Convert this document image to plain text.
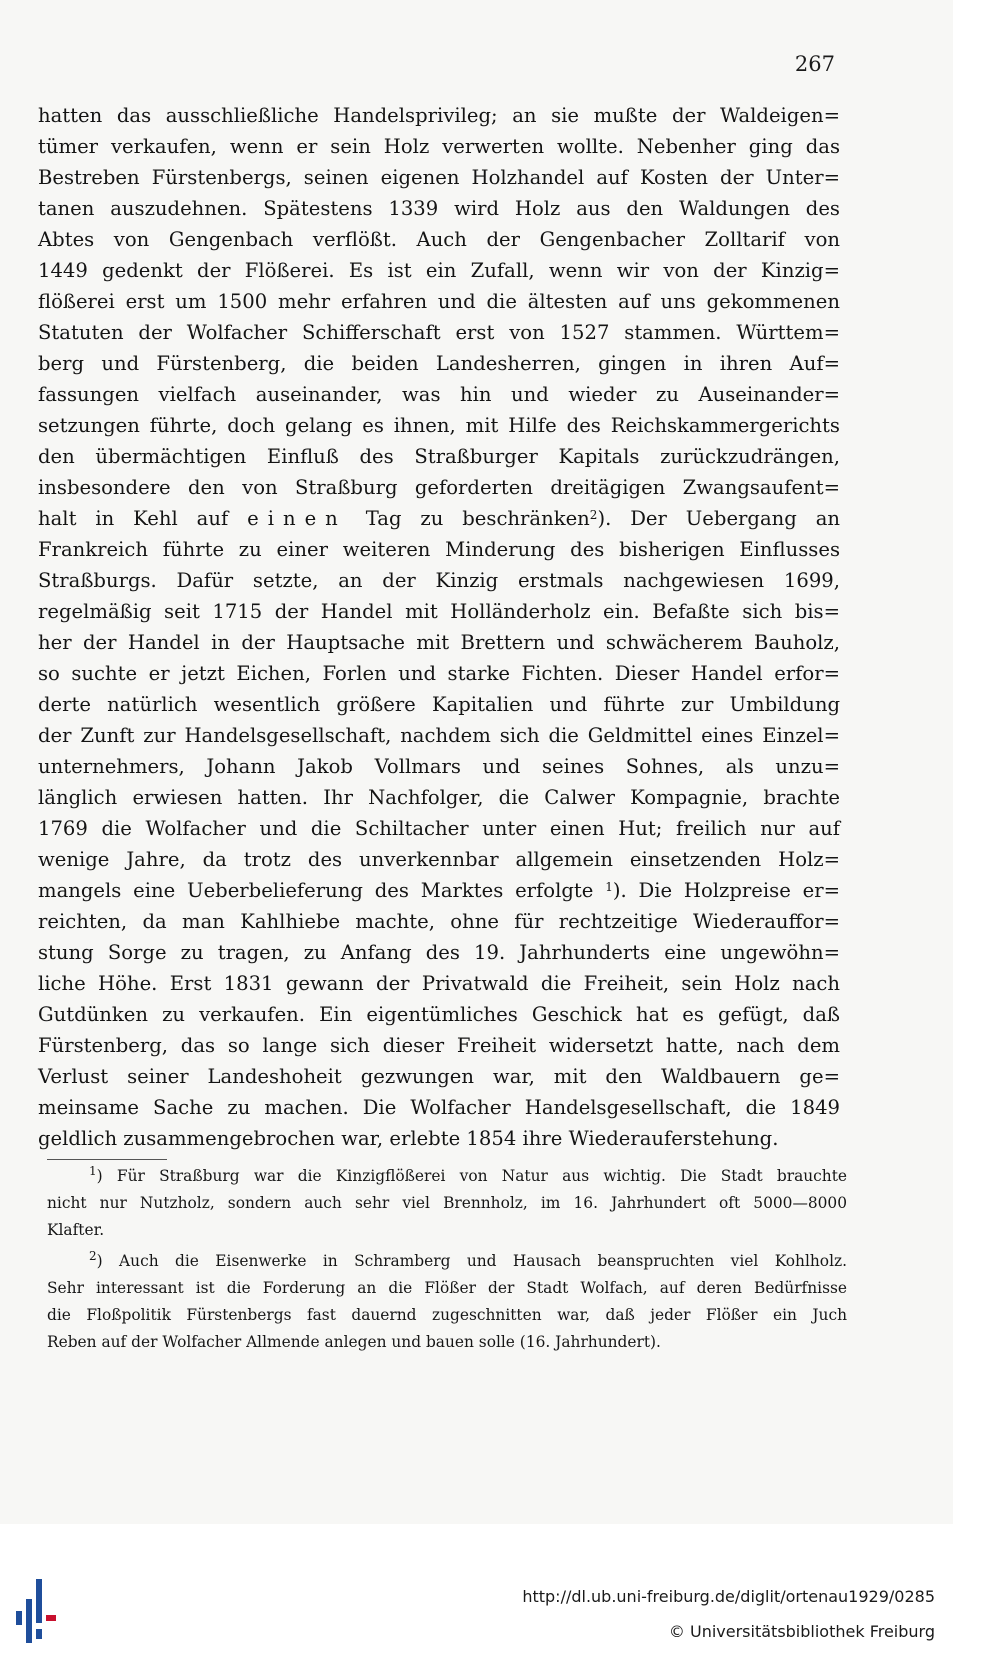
267
hatten das ausschließliche Handelsprivileg; an sie mußte der Waldeigen=
tümer verkaufen, wenn er sein Holz verwerten wollte. Nebenher ging das
Bestreben Fürstenbergs, seinen eigenen Holzhandel auf Kosten der Unter=
tanen auszudehnen. Spätestens 1339 wird Holz aus den Waldungen des
Abtes von Gengenbach verflößt. Auch der Gengenbacher Zolltarif von
1449 gedenkt der Flößerei. Es ist ein Zufall, wenn wir von der Kinzig=
flößerei erst um 1500 mehr erfahren und die ältesten auf uns gekommenen
Statuten der Wolfacher Schifferschaft erst von 1527 stammen. Württem=
berg und Fürstenberg, die beiden Landesherren, gingen in ihren Auf=
fassungen vielfach auseinander, was hin und wieder zu Auseinander=
setzungen führte, doch gelang es ihnen, mit Hilfe des Reichskammergerichts
den übermächtigen Einfluß des Straßburger Kapitals zurückzudrängen,
insbesondere den von Straßburg geforderten dreitägigen Zwangsaufent=
halt in Kehl auf einen Tag zu beschränken$^2$). Der Uebergang an
Frankreich führte zu einer weiteren Minderung des bisherigen Einflusses
Straßburgs. Dafür setzte, an der Kinzig erstmals nachgewiesen 1699,
regelmäßig seit 1715 der Handel mit Holländerholz ein. Befaßte sich bis=
her der Handel in der Hauptsache mit Brettern und schwächerem Bauholz,
so suchte er jetzt Eichen, Forlen und starke Fichten. Dieser Handel erfor=
derte natürlich wesentlich größere Kapitalien und führte zur Umbildung
der Zunft zur Handelsgesellschaft, nachdem sich die Geldmittel eines Einzel=
unternehmers, Johann Jakob Vollmars und seines Sohnes, als unzu=
länglich erwiesen hatten. Ihr Nachfolger, die Calwer Kompagnie, brachte
1769 die Wolfacher und die Schiltacher unter einen Hut; freilich nur auf
wenige Jahre, da trotz des unverkennbar allgemein einsetzenden Holz=
mangels eine Ueberbelieferung des Marktes erfolgte $^1$). Die Holzpreise er=
reichten, da man Kahlhiebe machte, ohne für rechtzeitige Wiederauffor=
stung Sorge zu tragen, zu Anfang des 19. Jahrhunderts eine ungewöhn=
liche Höhe. Erst 1831 gewann der Privatwald die Freiheit, sein Holz nach
Gutdünken zu verkaufen. Ein eigentümliches Geschick hat es gefügt, daß
Fürstenberg, das so lange sich dieser Freiheit widersetzt hatte, nach dem
Verlust seiner Landeshoheit gezwungen war, mit den Waldbauern ge=
meinsame Sache zu machen. Die Wolfacher Handelsgesellschaft, die 1849
geldlich zusammengebrochen war, erlebte 1854 ihre Wiederauferstehung.
$^1$) Für Straßburg war die Kinzigflößerei von Natur aus wichtig. Die Stadt brauchte
nicht nur Nutzholz, sondern auch sehr viel Brennholz, im 16. Jahrhundert oft 5000—8000
Klafter.
$^2$) Auch die Eisenwerke in Schramberg und Hausach beanspruchten viel Kohlholz.
Sehr interessant ist die Forderung an die Flößer der Stadt Wolfach, auf deren Bedürfnisse
die Floßpolitik Fürstenbergs fast dauernd zugeschnitten war, daß jeder Flößer ein Juch
Reben auf der Wolfacher Allmende anlegen und bauen solle (16. Jahrhundert).
http://dl.ub.uni-freiburg.de/diglit/ortenau1929/0285
© Universitätsbibliothek Freiburg
